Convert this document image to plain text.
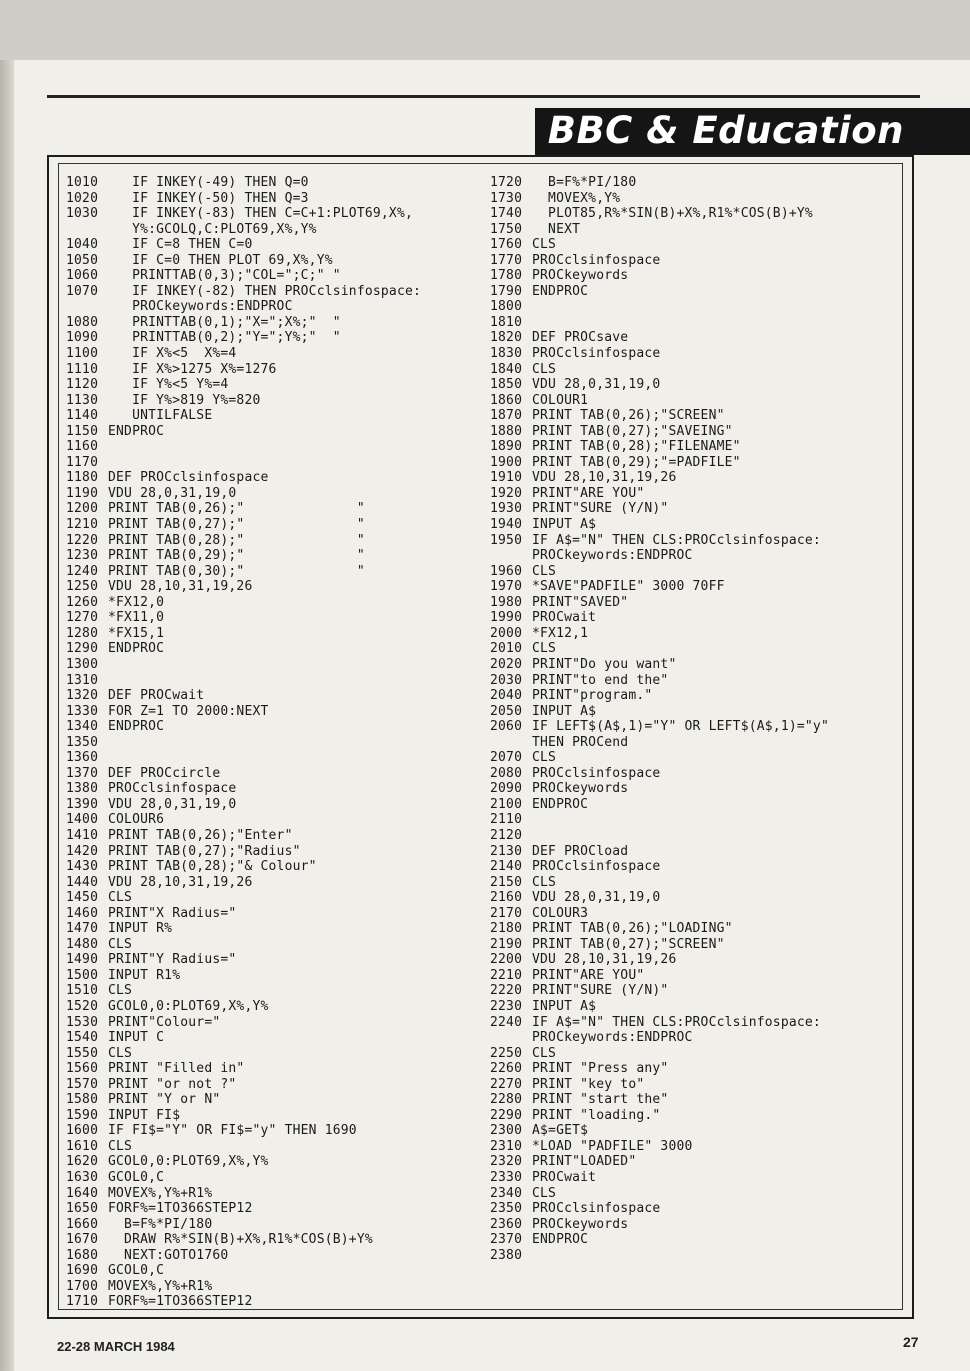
BBC & Education
1010   IF INKEY(-49) THEN Q=0
1020   IF INKEY(-50) THEN Q=3
1030   IF INKEY(-83) THEN C=C+1:PLOT69,X%,
Y%:GCOLQ,C:PLOT69,X%,Y%
1040   IF C=8 THEN C=0
1050   IF C=0 THEN PLOT 69,X%,Y%
1060   PRINTTAB(0,3);"COL=";C;" "
1070   IF INKEY(-82) THEN PROCclsinfospace:
PROCkeywords:ENDPROC
1080   PRINTTAB(0,1);"X=";X%;"  "
1090   PRINTTAB(0,2);"Y=";Y%;"  "
1100   IF X%<5  X%=4
1110   IF X%>1275 X%=1276
1120   IF Y%<5 Y%=4
1130   IF Y%>819 Y%=820
1140   UNTILFALSE
1150 ENDPROC
1160
1170
1180 DEF PROCclsinfospace
1190 VDU 28,0,31,19,0
1200 PRINT TAB(0,26);"              "
1210 PRINT TAB(0,27);"              "
1220 PRINT TAB(0,28);"              "
1230 PRINT TAB(0,29);"              "
1240 PRINT TAB(0,30);"              "
1250 VDU 28,10,31,19,26
1260 *FX12,0
1270 *FX11,0
1280 *FX15,1
1290 ENDPROC
1300
1310
1320 DEF PROCwait
1330 FOR Z=1 TO 2000:NEXT
1340 ENDPROC
1350
1360
1370 DEF PROCcircle
1380 PROCclsinfospace
1390 VDU 28,0,31,19,0
1400 COLOUR6
1410 PRINT TAB(0,26);"Enter"
1420 PRINT TAB(0,27);"Radius"
1430 PRINT TAB(0,28);"& Colour"
1440 VDU 28,10,31,19,26
1450 CLS
1460 PRINT"X Radius="
1470 INPUT R%
1480 CLS
1490 PRINT"Y Radius="
1500 INPUT R1%
1510 CLS
1520 GCOL0,0:PLOT69,X%,Y%
1530 PRINT"Colour="
1540 INPUT C
1550 CLS
1560 PRINT "Filled in"
1570 PRINT "or not ?"
1580 PRINT "Y or N"
1590 INPUT FI$
1600 IF FI$="Y" OR FI$="y" THEN 1690
1610 CLS
1620 GCOL0,0:PLOT69,X%,Y%
1630 GCOL0,C
1640 MOVEX%,Y%+R1%
1650 FORF%=1TO366STEP12
1660  B=F%*PI/180
1670  DRAW R%*SIN(B)+X%,R1%*COS(B)+Y%
1680  NEXT:GOTO1760
1690 GCOL0,C
1700 MOVEX%,Y%+R1%
1710 FORF%=1TO366STEP12
1720  B=F%*PI/180
1730  MOVEX%,Y%
1740  PLOT85,R%*SIN(B)+X%,R1%*COS(B)+Y%
1750  NEXT
1760 CLS
1770 PROCclsinfospace
1780 PROCkeywords
1790 ENDPROC
1800
1810
1820 DEF PROCsave
1830 PROCclsinfospace
1840 CLS
1850 VDU 28,0,31,19,0
1860 COLOUR1
1870 PRINT TAB(0,26);"SCREEN"
1880 PRINT TAB(0,27);"SAVEING"
1890 PRINT TAB(0,28);"FILENAME"
1900 PRINT TAB(0,29);"=PADFILE"
1910 VDU 28,10,31,19,26
1920 PRINT"ARE YOU"
1930 PRINT"SURE (Y/N)"
1940 INPUT A$
1950 IF A$="N" THEN CLS:PROCclsinfospace:
PROCkeywords:ENDPROC
1960 CLS
1970 *SAVE"PADFILE" 3000 70FF
1980 PRINT"SAVED"
1990 PROCwait
2000 *FX12,1
2010 CLS
2020 PRINT"Do you want"
2030 PRINT"to end the"
2040 PRINT"program."
2050 INPUT A$
2060 IF LEFT$(A$,1)="Y" OR LEFT$(A$,1)="y"
THEN PROCend
2070 CLS
2080 PROCclsinfospace
2090 PROCkeywords
2100 ENDPROC
2110
2120
2130 DEF PROCload
2140 PROCclsinfospace
2150 CLS
2160 VDU 28,0,31,19,0
2170 COLOUR3
2180 PRINT TAB(0,26);"LOADING"
2190 PRINT TAB(0,27);"SCREEN"
2200 VDU 28,10,31,19,26
2210 PRINT"ARE YOU"
2220 PRINT"SURE (Y/N)"
2230 INPUT A$
2240 IF A$="N" THEN CLS:PROCclsinfospace:
PROCkeywords:ENDPROC
2250 CLS
2260 PRINT "Press any"
2270 PRINT "key to"
2280 PRINT "start the"
2290 PRINT "loading."
2300 A$=GET$
2310 *LOAD "PADFILE" 3000
2320 PRINT"LOADED"
2330 PROCwait
2340 CLS
2350 PROCclsinfospace
2360 PROCkeywords
2370 ENDPROC
2380
22-28 MARCH 1984	27
